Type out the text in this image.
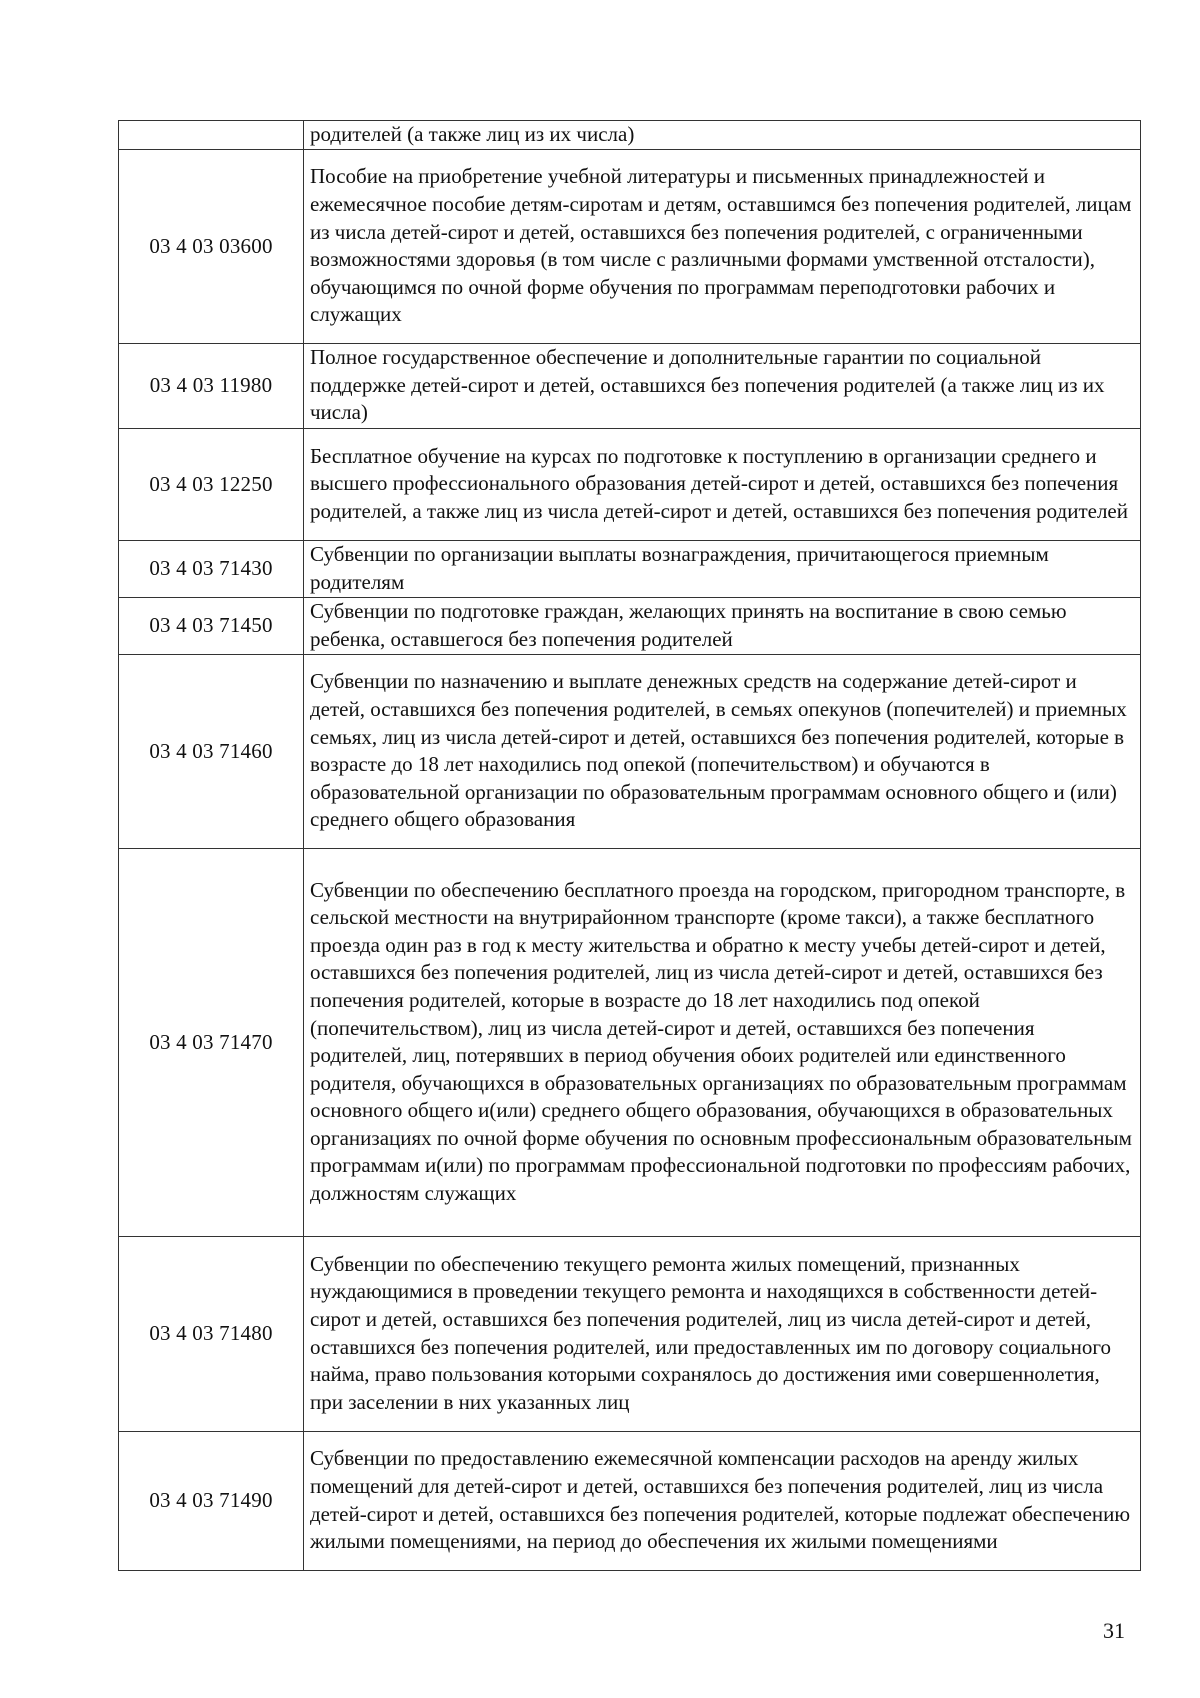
	родителей (а также лиц из их числа)
03 4 03 03600	Пособие на приобретение учебной литературы и письменных принадлежностей и ежемесячное пособие детям-сиротам и детям, оставшимся без попечения родителей, лицам из числа детей-сирот и детей, оставшихся без попечения родителей, с ограниченными возможностями здоровья (в том числе с различными формами умственной отсталости), обучающимся по очной форме обучения по программам переподготовки рабочих и служащих
03 4 03 11980	Полное государственное обеспечение и дополнительные гарантии по социальной поддержке детей-сирот и детей, оставшихся без попечения родителей (а также лиц из их числа)
03 4 03 12250	Бесплатное обучение на курсах по подготовке к поступлению в организации среднего и высшего профессионального образования детей-сирот и детей, оставшихся без попечения родителей, а также лиц из числа детей-сирот и детей, оставшихся без попечения родителей
03 4 03 71430	Субвенции по организации выплаты вознаграждения, причитающегося приемным родителям
03 4 03 71450	Субвенции по подготовке граждан, желающих принять на воспитание в свою семью ребенка, оставшегося без попечения родителей
03 4 03 71460	Субвенции по назначению и выплате денежных средств на содержание детей-сирот и детей, оставшихся без попечения родителей, в семьях опекунов (попечителей) и приемных семьях, лиц из числа детей-сирот и детей, оставшихся без попечения родителей, которые в возрасте до 18 лет находились под опекой (попечительством) и обучаются в образовательной организации по образовательным программам основного общего и (или) среднего общего образования
03 4 03 71470	Субвенции по обеспечению бесплатного проезда на городском, пригородном транспорте, в сельской местности на внутрирайонном транспорте (кроме такси), а также бесплатного проезда один раз в год к месту жительства и обратно к месту учебы детей-сирот и детей, оставшихся без попечения родителей, лиц из числа детей-сирот и детей, оставшихся без попечения родителей, которые в возрасте до 18 лет находились под опекой (попечительством), лиц из числа детей-сирот и детей, оставшихся без попечения родителей, лиц, потерявших в период обучения обоих родителей или единственного родителя, обучающихся в образовательных организациях по образовательным программам основного общего и(или) среднего общего образования, обучающихся в образовательных организациях по очной форме обучения по основным профессиональным образовательным программам и(или) по программам профессиональной подготовки по профессиям рабочих, должностям служащих
03 4 03 71480	Субвенции по обеспечению текущего ремонта жилых помещений, признанных нуждающимися в проведении текущего ремонта и находящихся в собственности детей-сирот и детей, оставшихся без попечения родителей, лиц из числа детей-сирот и детей, оставшихся без попечения родителей, или предоставленных им по договору социального найма, право пользования которыми сохранялось до достижения ими совершеннолетия, при заселении в них указанных лиц
03 4 03 71490	Субвенции по предоставлению ежемесячной компенсации расходов на аренду жилых помещений для детей-сирот и детей, оставшихся без попечения родителей, лиц из числа детей-сирот и детей, оставшихся без попечения родителей, которые подлежат обеспечению жилыми помещениями, на период до обеспечения их жилыми помещениями
31
